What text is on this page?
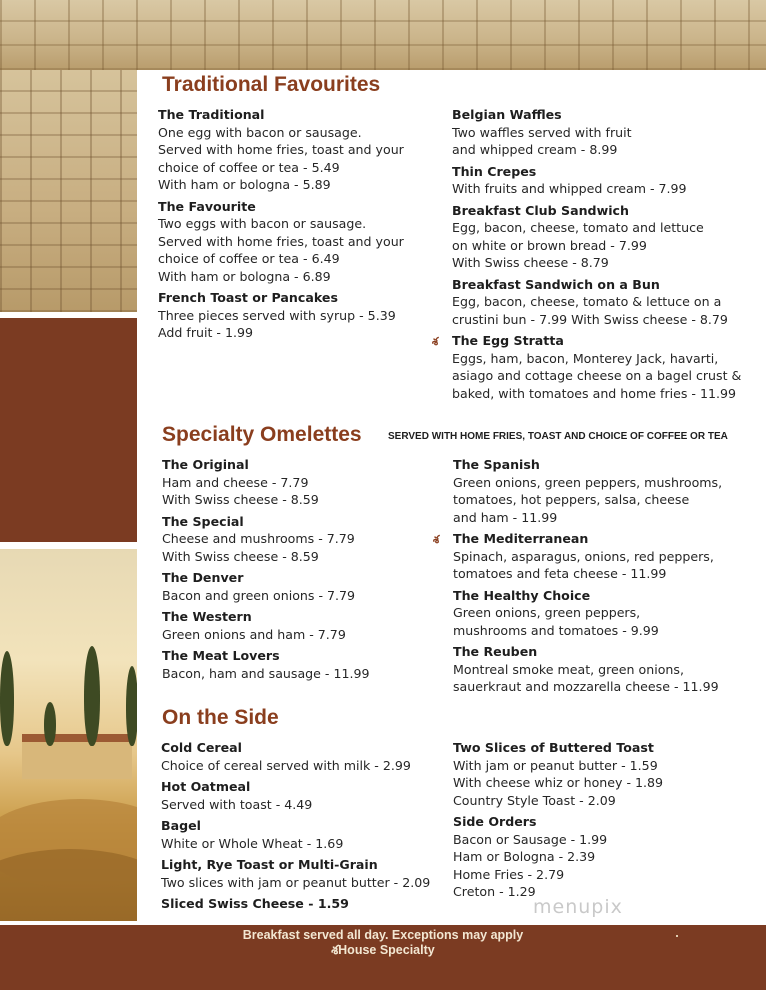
Traditional Favourites
The Traditional
One egg with bacon or sausage.
Served with home fries, toast and your
choice of coffee or tea - 5.49
With ham or bologna - 5.89
The Favourite
Two eggs with bacon or sausage.
Served with home fries, toast and your
choice of coffee or tea - 6.49
With ham or bologna - 6.89
French Toast or Pancakes
Three pieces served with syrup - 5.39
Add fruit - 1.99
Belgian Waffles
Two waffles served with fruit
and whipped cream - 8.99
Thin Crepes
With fruits and whipped cream - 7.99
Breakfast Club Sandwich
Egg, bacon, cheese, tomato and lettuce
on white or brown bread - 7.99
With Swiss cheese - 8.79
Breakfast Sandwich on a Bun
Egg, bacon, cheese, tomato & lettuce on a
crustini bun - 7.99 With Swiss cheese - 8.79
శ The Egg Stratta
Eggs, ham, bacon, Monterey Jack, havarti,
asiago and cottage cheese on a bagel crust &
baked, with tomatoes and home fries - 11.99
Specialty Omelettes	SERVED WITH HOME FRIES, TOAST AND CHOICE OF COFFEE OR TEA
The Original
Ham and cheese - 7.79
With Swiss cheese - 8.59
The Special
Cheese and mushrooms - 7.79
With Swiss cheese - 8.59
The Denver
Bacon and green onions - 7.79
The Western
Green onions and ham - 7.79
The Meat Lovers
Bacon, ham and sausage - 11.99
The Spanish
Green onions, green peppers, mushrooms,
tomatoes, hot peppers, salsa, cheese
and ham - 11.99
శ The Mediterranean
Spinach, asparagus, onions, red peppers,
tomatoes and feta cheese - 11.99
The Healthy Choice
Green onions, green peppers,
mushrooms and tomatoes - 9.99
The Reuben
Montreal smoke meat, green onions,
sauerkraut and mozzarella cheese - 11.99
On the Side
Cold Cereal
Choice of cereal served with milk - 2.99
Hot Oatmeal
Served with toast - 4.49
Bagel
White or Whole Wheat - 1.69
Light, Rye Toast or Multi-Grain
Two slices with jam or peanut butter - 2.09
Sliced Swiss Cheese - 1.59
Two Slices of Buttered Toast
With jam or peanut butter - 1.59
With cheese whiz or honey - 1.89
Country Style Toast - 2.09
Side Orders
Bacon or Sausage - 1.99
Ham or Bologna - 2.39
Home Fries - 2.79
Creton - 1.29
menupix
Breakfast served all day. Exceptions may apply
శHouse Specialty
